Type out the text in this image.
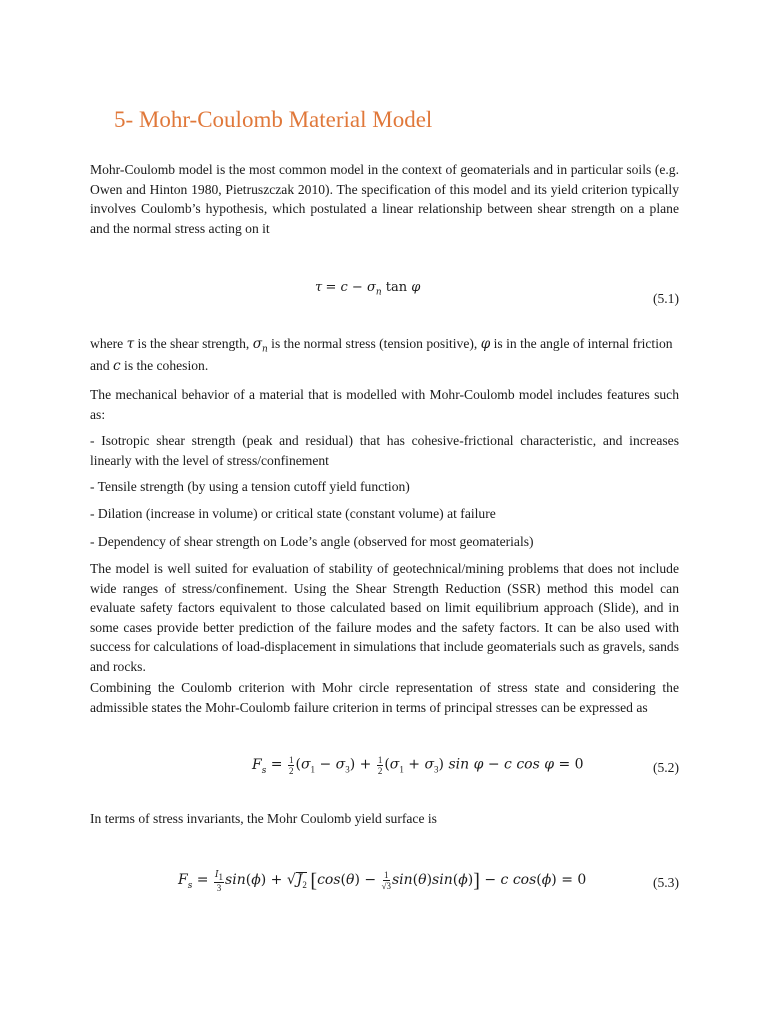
5- Mohr-Coulomb Material Model
Mohr-Coulomb model is the most common model in the context of geomaterials and in particular soils (e.g. Owen and Hinton 1980, Pietruszczak 2010). The specification of this model and its yield criterion typically involves Coulomb’s hypothesis, which postulated a linear relationship between shear strength on a plane and the normal stress acting on it
$\tau = c - \sigma_n$ tan φ
(5.1)
where τ is the shear strength, $\sigma_n$ is the normal stress (tension positive), φ is in the angle of internal friction
and c is the cohesion.
The mechanical behavior of a material that is modelled with Mohr-Coulomb model includes features such as:
- Isotropic shear strength (peak and residual) that has cohesive-frictional characteristic, and increases linearly with the level of stress/confinement
- Tensile strength (by using a tension cutoff yield function)
- Dilation (increase in volume) or critical state (constant volume) at failure
- Dependency of shear strength on Lode’s angle (observed for most geomaterials)
The model is well suited for evaluation of stability of geotechnical/mining problems that does not include wide ranges of stress/confinement. Using the Shear Strength Reduction (SSR) method this model can evaluate safety factors equivalent to those calculated based on limit equilibrium approach (Slide), and in some cases provide better prediction of the failure modes and the safety factors. It can be also used with success for calculations of load-displacement in simulations that include geomaterials such as gravels, sands and rocks.
Combining the Coulomb criterion with Mohr circle representation of stress state and considering the admissible states the Mohr-Coulomb failure criterion in terms of principal stresses can be expressed as
$F_s = \frac{1}{2} (\sigma_1 - \sigma_3) + \frac{1}{2} (\sigma_1 + \sigma_3)$ sin φ − c cos φ = 0	(5.2)
In terms of stress invariants, the Mohr Coulomb yield surface is
$F_s = \frac{I_1}{3} \sin(\phi) + √J_2$ $[\cos(\theta) - \frac{1}{√3} \sin(\theta)\sin(\phi)] - c$ cos(ϕ) = 0	(5.3)
